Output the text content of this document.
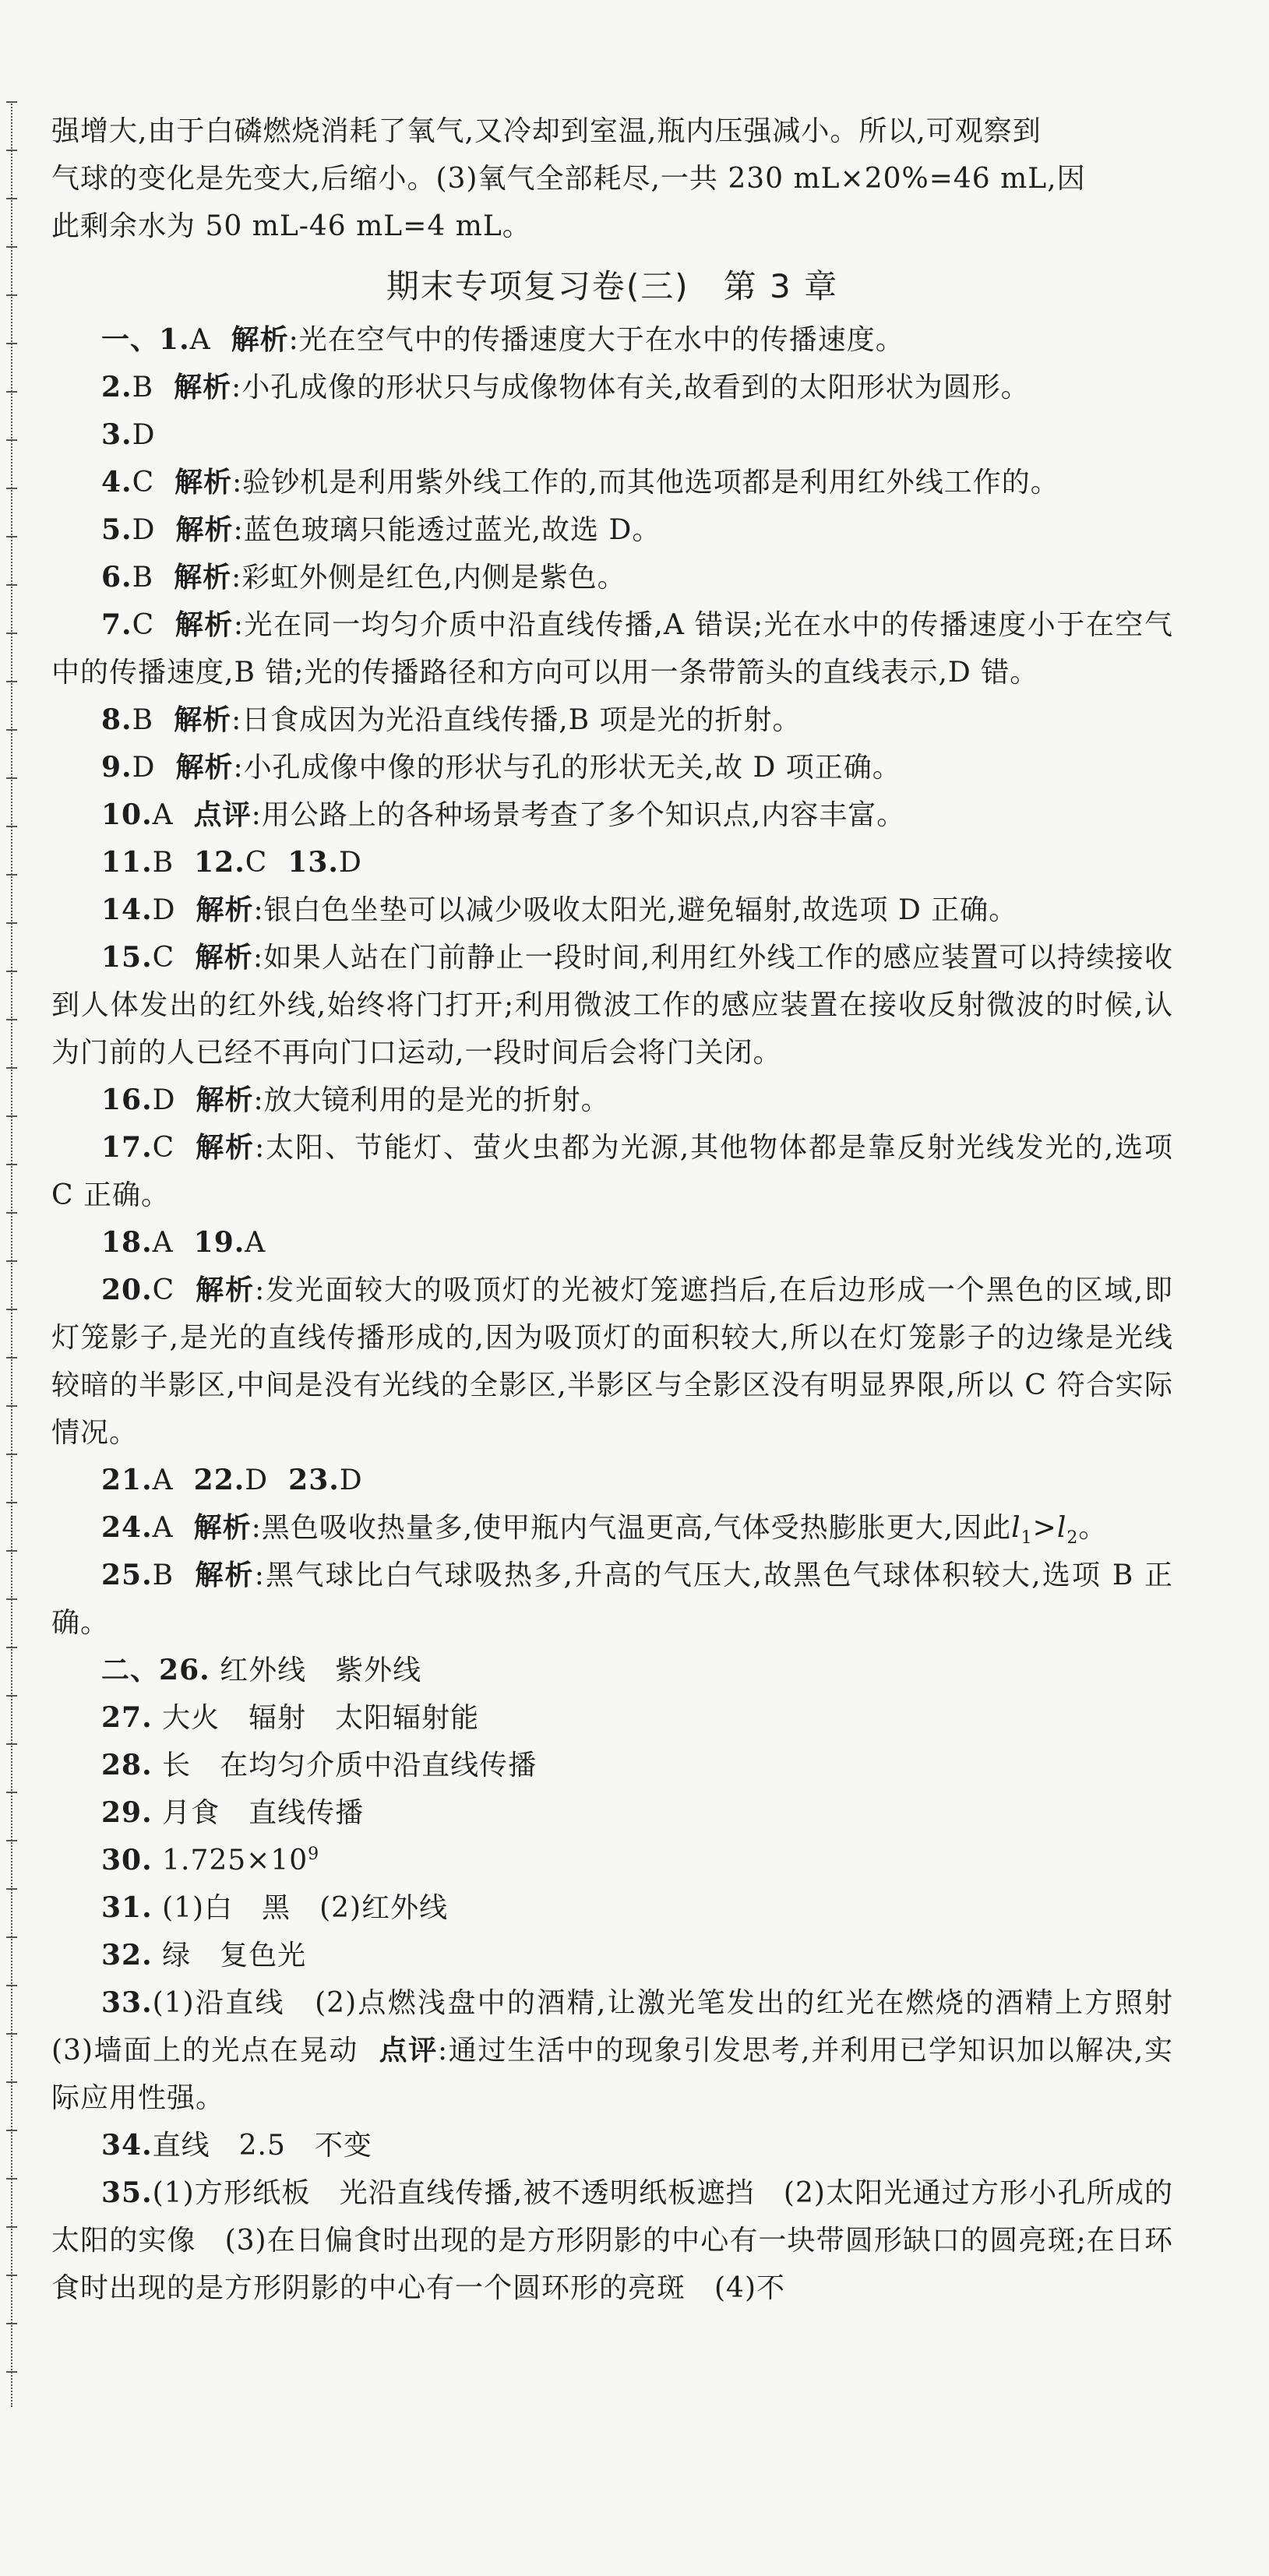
强增大,由于白磷燃烧消耗了氧气,又冷却到室温,瓶内压强减小。所以,可观察到
气球的变化是先变大,后缩小。(3)氧气全部耗尽,一共 230 mL×20%=46 mL,因
此剩余水为 50 mL-46 mL=4 mL。
期末专项复习卷(三)　第 3 章
一、1.A 解析:光在空气中的传播速度大于在水中的传播速度。
2.B 解析:小孔成像的形状只与成像物体有关,故看到的太阳形状为圆形。
3.D
4.C 解析:验钞机是利用紫外线工作的,而其他选项都是利用红外线工作的。
5.D 解析:蓝色玻璃只能透过蓝光,故选 D。
6.B 解析:彩虹外侧是红色,内侧是紫色。
7.C 解析:光在同一均匀介质中沿直线传播,A 错误;光在水中的传播速度小于在空气中的传播速度,B 错;光的传播路径和方向可以用一条带箭头的直线表示,D 错。
8.B 解析:日食成因为光沿直线传播,B 项是光的折射。
9.D 解析:小孔成像中像的形状与孔的形状无关,故 D 项正确。
10.A 点评:用公路上的各种场景考查了多个知识点,内容丰富。
11.B 12.C 13.D
14.D 解析:银白色坐垫可以减少吸收太阳光,避免辐射,故选项 D 正确。
15.C 解析:如果人站在门前静止一段时间,利用红外线工作的感应装置可以持续接收到人体发出的红外线,始终将门打开;利用微波工作的感应装置在接收反射微波的时候,认为门前的人已经不再向门口运动,一段时间后会将门关闭。
16.D 解析:放大镜利用的是光的折射。
17.C 解析:太阳、节能灯、萤火虫都为光源,其他物体都是靠反射光线发光的,选项 C 正确。
18.A 19.A
20.C 解析:发光面较大的吸顶灯的光被灯笼遮挡后,在后边形成一个黑色的区域,即灯笼影子,是光的直线传播形成的,因为吸顶灯的面积较大,所以在灯笼影子的边缘是光线较暗的半影区,中间是没有光线的全影区,半影区与全影区没有明显界限,所以 C 符合实际情况。
21.A 22.D 23.D
24.A 解析:黑色吸收热量多,使甲瓶内气温更高,气体受热膨胀更大,因此$l_1>l_2$。
25.B 解析:黑气球比白气球吸热多,升高的气压大,故黑色气球体积较大,选项 B 正确。
二、26. 红外线　紫外线
27. 大火　辐射　太阳辐射能
28. 长　在均匀介质中沿直线传播
29. 月食　直线传播
30. $1.725\times 10^9$
31. (1)白　黑　(2)红外线
32. 绿　复色光
33.(1)沿直线　(2)点燃浅盘中的酒精,让激光笔发出的红光在燃烧的酒精上方照射　(3)墙面上的光点在晃动 点评:通过生活中的现象引发思考,并利用已学知识加以解决,实际应用性强。
34.直线　2.5　不变
35.(1)方形纸板　光沿直线传播,被不透明纸板遮挡　(2)太阳光通过方形小孔所成的太阳的实像　(3)在日偏食时出现的是方形阴影的中心有一块带圆形缺口的圆亮斑;在日环食时出现的是方形阴影的中心有一个圆环形的亮斑　(4)不
